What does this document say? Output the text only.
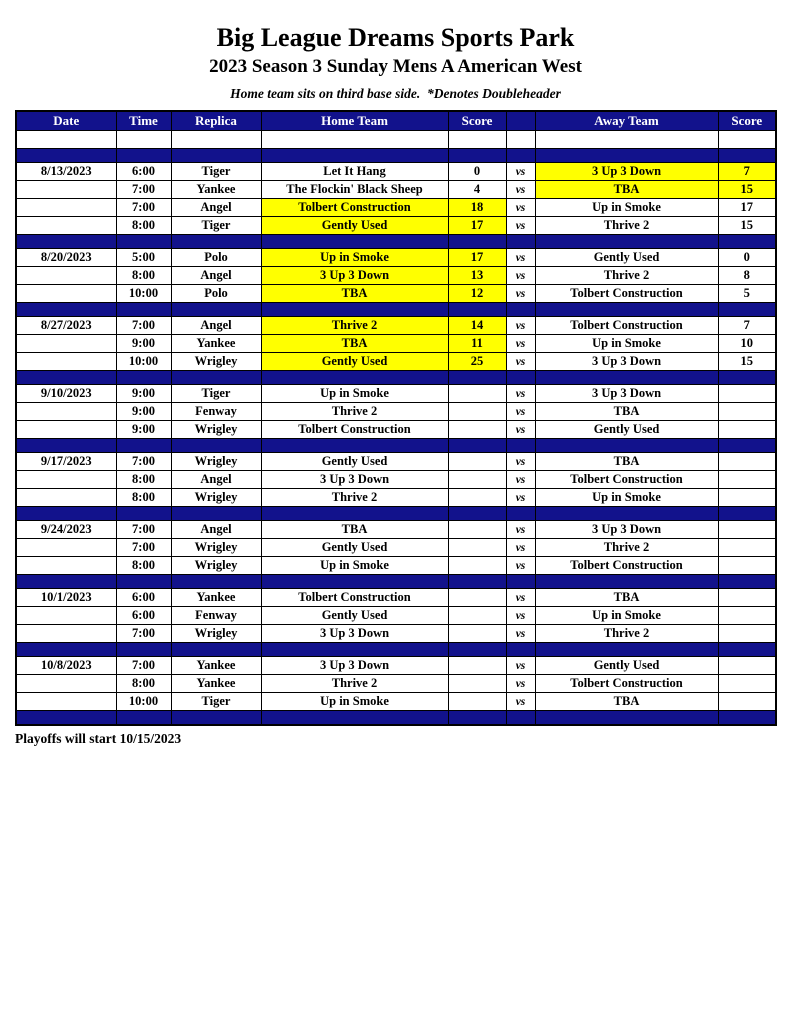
Big League Dreams Sports Park
2023 Season 3 Sunday Mens A American West
Home team sits on third base side.  *Denotes Doubleheader
Date	Time	Replica	Home Team	Score		Away Team	Score

8/13/2023	6:00	Tiger	Let It Hang	0	vs	3 Up 3 Down	7
	7:00	Yankee	The Flockin' Black Sheep	4	vs	TBA	15
	7:00	Angel	Tolbert Construction	18	vs	Up in Smoke	17
	8:00	Tiger	Gently Used	17	vs	Thrive 2	15

8/20/2023	5:00	Polo	Up in Smoke	17	vs	Gently Used	0
	8:00	Angel	3 Up 3 Down	13	vs	Thrive 2	8
	10:00	Polo	TBA	12	vs	Tolbert Construction	5

8/27/2023	7:00	Angel	Thrive 2	14	vs	Tolbert Construction	7
	9:00	Yankee	TBA	11	vs	Up in Smoke	10
	10:00	Wrigley	Gently Used	25	vs	3 Up 3 Down	15

9/10/2023	9:00	Tiger	Up in Smoke		vs	3 Up 3 Down	
	9:00	Fenway	Thrive 2		vs	TBA	
	9:00	Wrigley	Tolbert Construction		vs	Gently Used	

9/17/2023	7:00	Wrigley	Gently Used		vs	TBA	
	8:00	Angel	3 Up 3 Down		vs	Tolbert Construction	
	8:00	Wrigley	Thrive 2		vs	Up in Smoke	

9/24/2023	7:00	Angel	TBA		vs	3 Up 3 Down	
	7:00	Wrigley	Gently Used		vs	Thrive 2	
	8:00	Wrigley	Up in Smoke		vs	Tolbert Construction	

10/1/2023	6:00	Yankee	Tolbert Construction		vs	TBA	
	6:00	Fenway	Gently Used		vs	Up in Smoke	
	7:00	Wrigley	3 Up 3 Down		vs	Thrive 2	

10/8/2023	7:00	Yankee	3 Up 3 Down		vs	Gently Used	
	8:00	Yankee	Thrive 2		vs	Tolbert Construction	
	10:00	Tiger	Up in Smoke		vs	TBA	

Playoffs will start 10/15/2023
